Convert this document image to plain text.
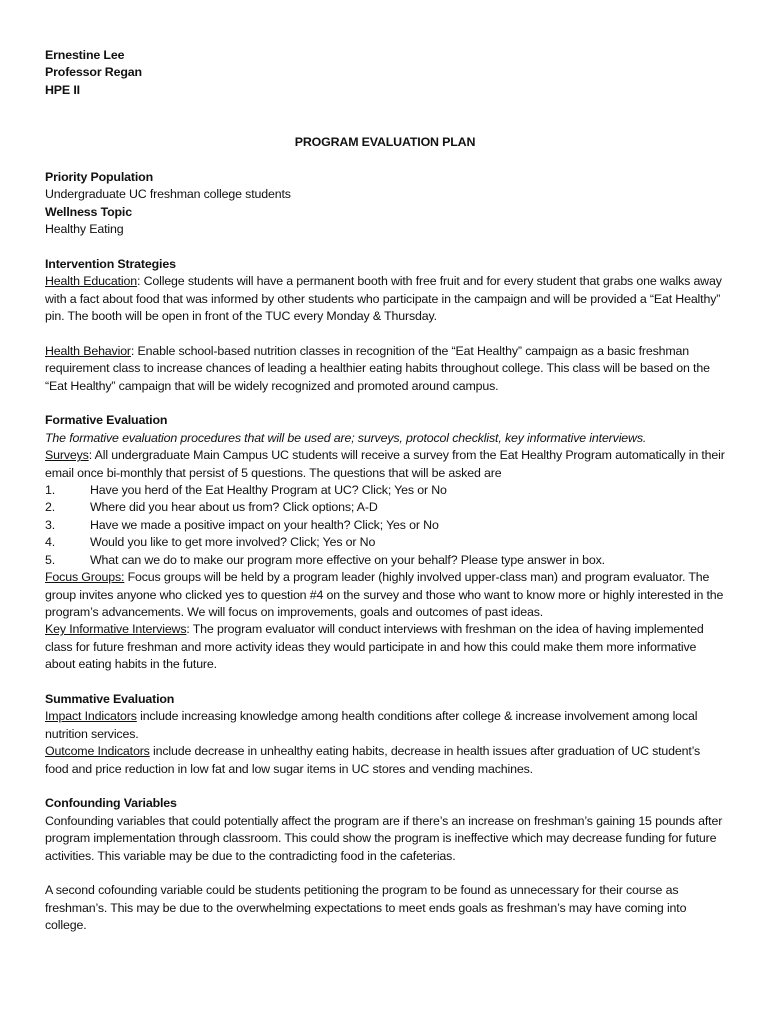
Ernestine Lee

Professor Regan

HPE II

PROGRAM EVALUATION PLAN

Priority Population

Undergraduate UC freshman college students

Wellness Topic

Healthy Eating

Intervention Strategies

Health Education: College students will have a permanent booth with free fruit and for every student that grabs one walks away with a fact about food that was informed by other students who participate in the campaign and will be provided a “Eat Healthy” pin. The booth will be open in front of the TUC every Monday & Thursday.

Health Behavior: Enable school-based nutrition classes in recognition of the “Eat Healthy” campaign as a basic freshman requirement class to increase chances of leading a healthier eating habits throughout college. This class will be based on the “Eat Healthy” campaign that will be widely recognized and promoted around campus.

Formative Evaluation

The formative evaluation procedures that will be used are; surveys, protocol checklist, key informative interviews.

Surveys: All undergraduate Main Campus UC students will receive a survey from the Eat Healthy Program automatically in their email once bi-monthly that persist of 5 questions. The questions that will be asked are

1.	Have you herd of the Eat Healthy Program at UC? Click; Yes or No
2.	Where did you hear about us from? Click options; A-D
3.	Have we made a positive impact on your health? Click; Yes or No
4.	Would you like to get more involved? Click; Yes or No
5.	What can we do to make our program more effective on your behalf? Please type answer in box.

Focus Groups: Focus groups will be held by a program leader (highly involved upper-class man) and program evaluator. The group invites anyone who clicked yes to question #4 on the survey and those who want to know more or highly interested in the program’s advancements. We will focus on improvements, goals and outcomes of past ideas.

Key Informative Interviews: The program evaluator will conduct interviews with freshman on the idea of having implemented class for future freshman and more activity ideas they would participate in and how this could make them more informative about eating habits in the future.

Summative Evaluation

Impact Indicators include increasing knowledge among health conditions after college & increase involvement among local nutrition services.

Outcome Indicators include decrease in unhealthy eating habits, decrease in health issues after graduation of UC student’s food and price reduction in low fat and low sugar items in UC stores and vending machines.

Confounding Variables

Confounding variables that could potentially affect the program are if there’s an increase on freshman’s gaining 15 pounds after program implementation through classroom. This could show the program is ineffective which may decrease funding for future activities. This variable may be due to the contradicting food in the cafeterias.

A second cofounding variable could be students petitioning the program to be found as unnecessary for their course as freshman’s. This may be due to the overwhelming expectations to meet ends goals as freshman’s may have coming into college.
